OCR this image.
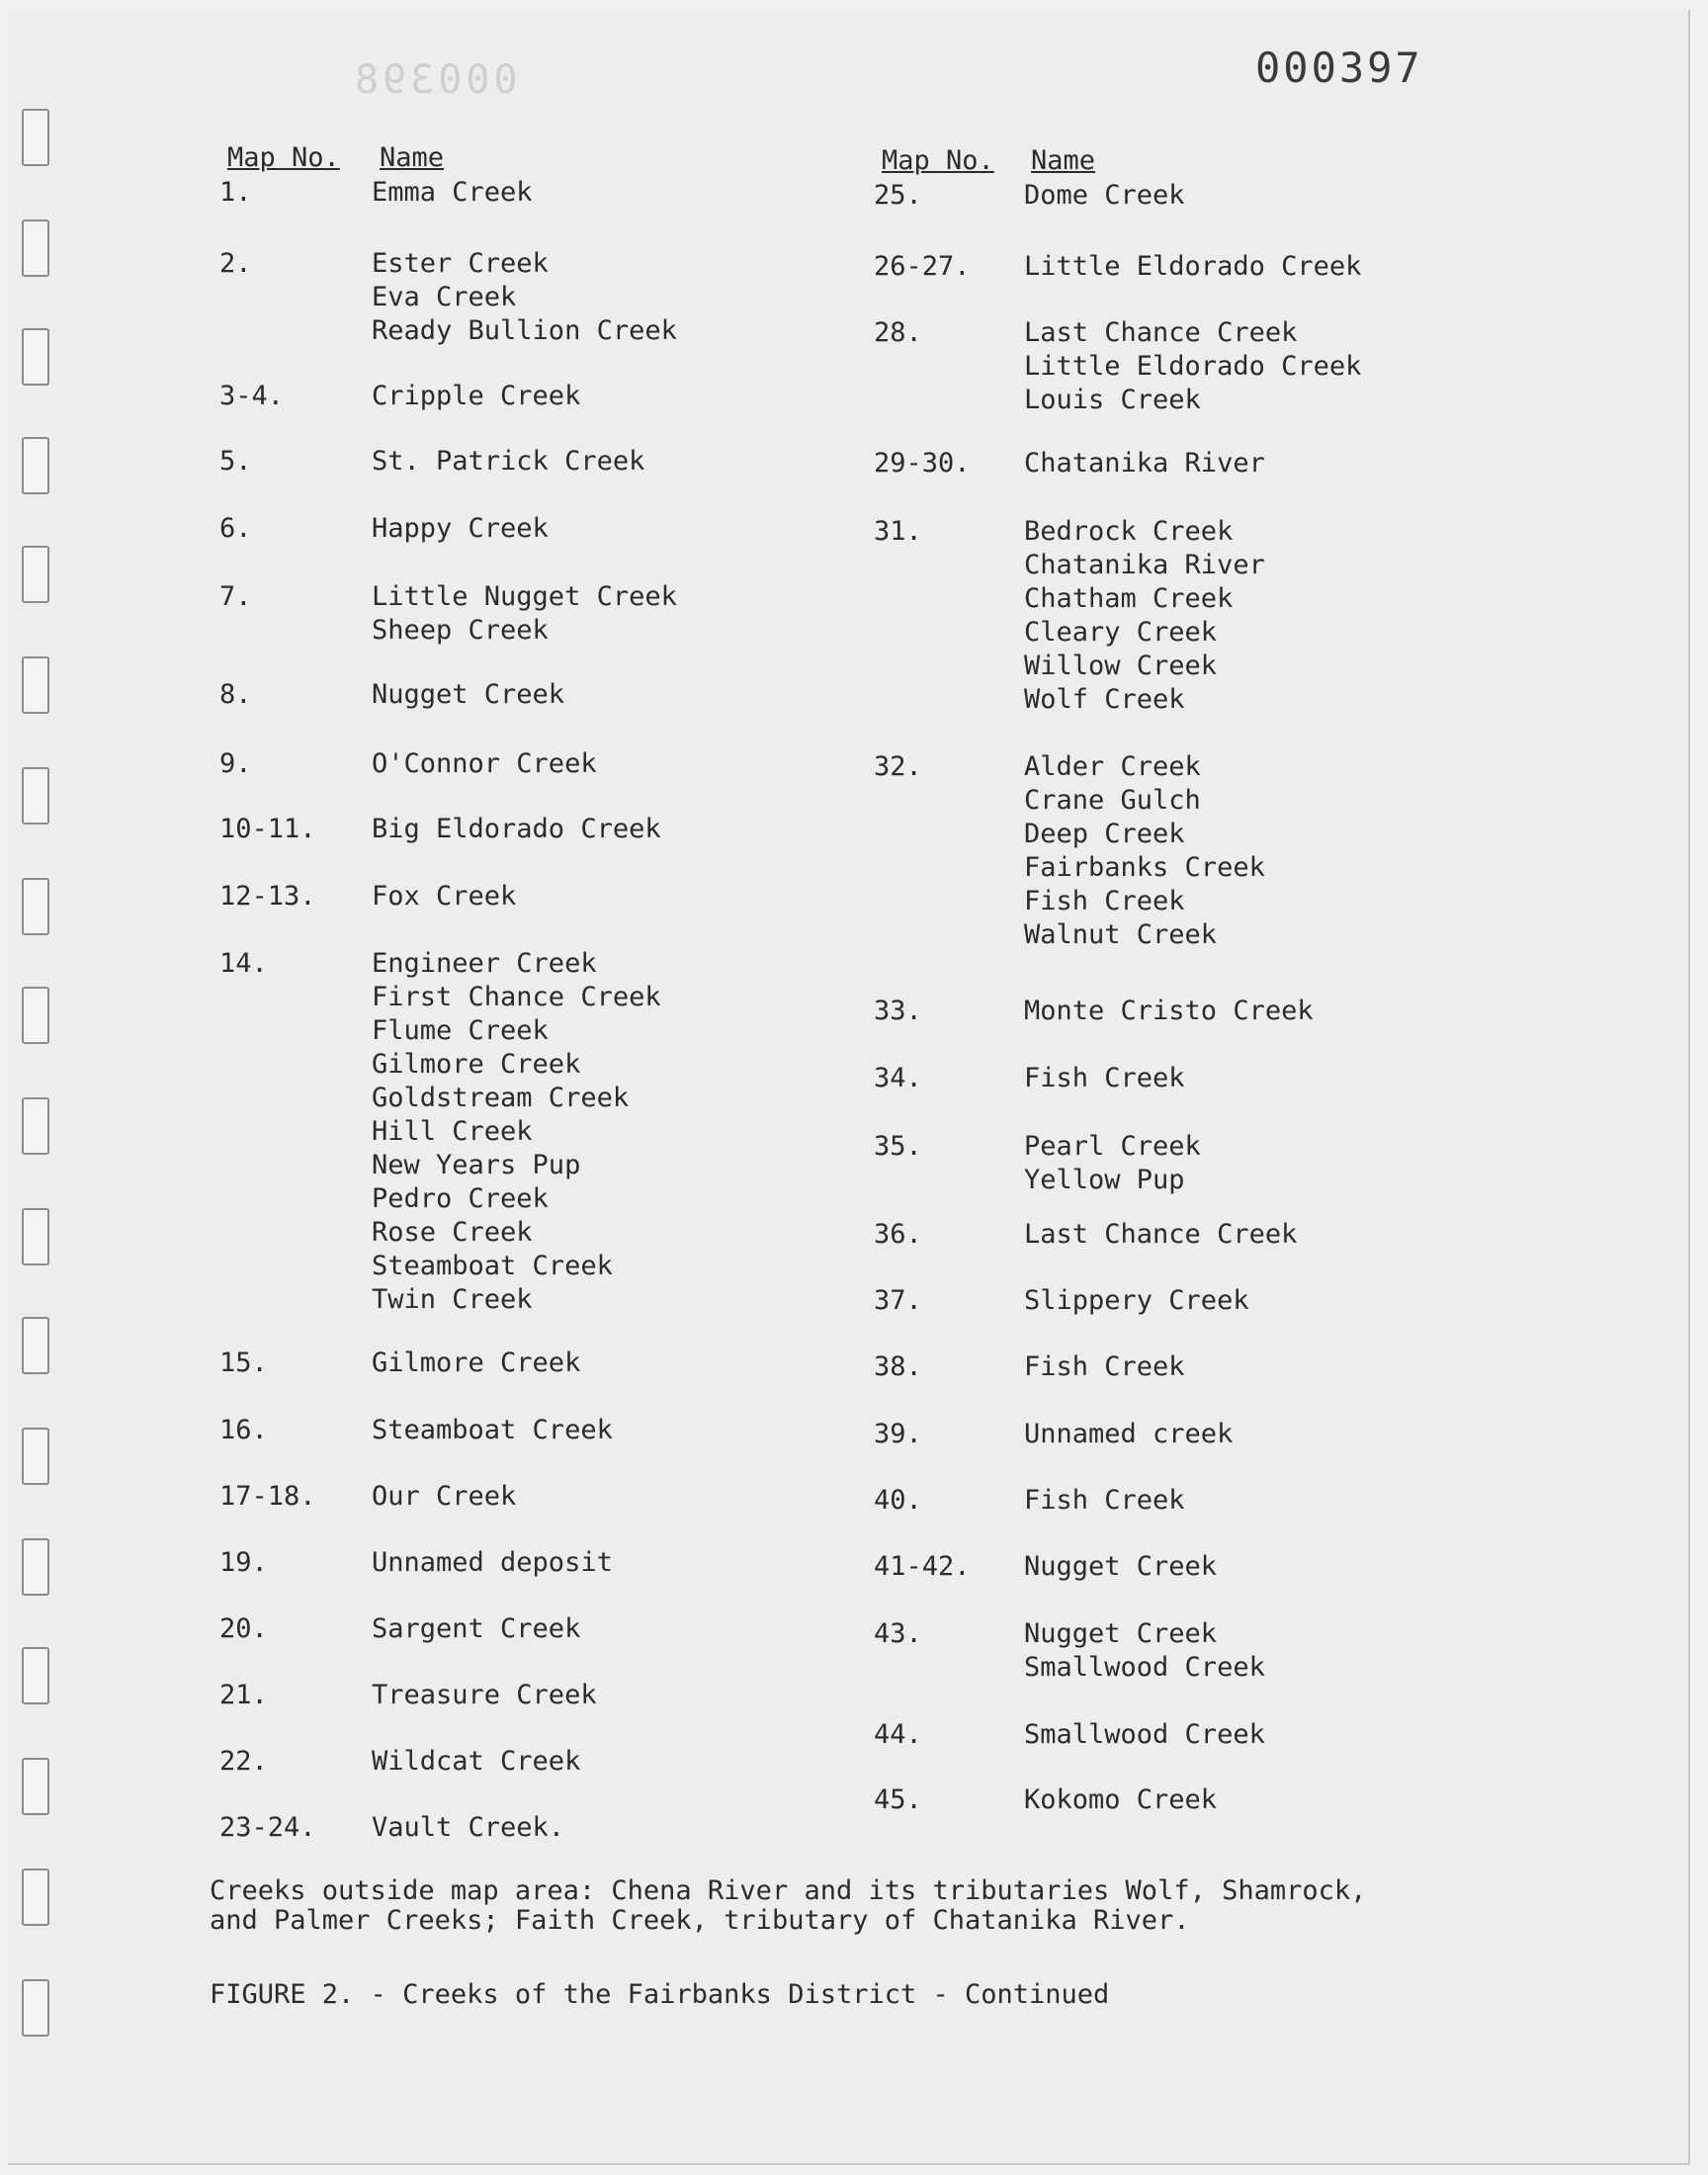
000398	000397
Map No. Name	Map No. Name
1.	Emma Creek
2.	Ester Creek
Eva Creek
Ready Bullion Creek
3-4.	Cripple Creek
5.	St. Patrick Creek
6.	Happy Creek
7.	Little Nugget Creek
Sheep Creek
8.	Nugget Creek
9.	O'Connor Creek
10-11. Big Eldorado Creek
12-13. Fox Creek
14.	Engineer Creek
First Chance Creek
Flume Creek
Gilmore Creek
Goldstream Creek
Hill Creek
New Years Pup
Pedro Creek
Rose Creek
Steamboat Creek
Twin Creek
15.	Gilmore Creek
16.	Steamboat Creek
17-18. Our Creek
19.	Unnamed deposit
20.	Sargent Creek
21.	Treasure Creek
22.	Wildcat Creek
23-24. Vault Creek.
25.	Dome Creek
26-27. Little Eldorado Creek
28.	Last Chance Creek
Little Eldorado Creek
Louis Creek
29-30. Chatanika River
31.	Bedrock Creek
Chatanika River
Chatham Creek
Cleary Creek
Willow Creek
Wolf Creek
32.	Alder Creek
Crane Gulch
Deep Creek
Fairbanks Creek
Fish Creek
Walnut Creek
33.	Monte Cristo Creek
34.	Fish Creek
35.	Pearl Creek
Yellow Pup
36.	Last Chance Creek
37.	Slippery Creek
38.	Fish Creek
39.	Unnamed creek
40.	Fish Creek
41-42. Nugget Creek
43.	Nugget Creek
Smallwood Creek
44.	Smallwood Creek
45.	Kokomo Creek
Creeks outside map area: Chena River and its tributaries Wolf, Shamrock,
and Palmer Creeks; Faith Creek, tributary of Chatanika River.
FIGURE 2. - Creeks of the Fairbanks District - Continued
